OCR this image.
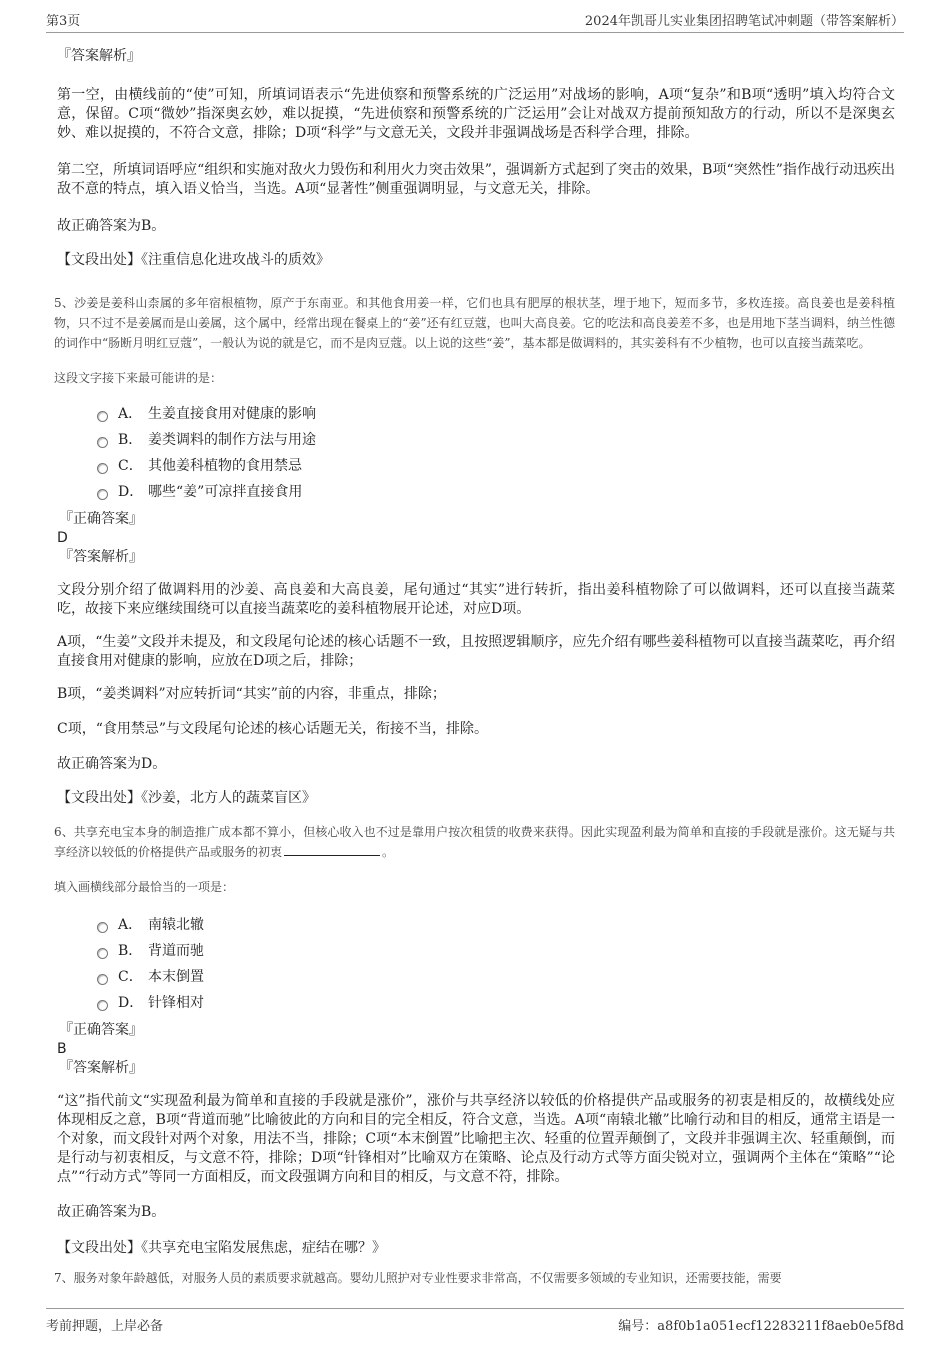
第3页	2024年凯哥儿实业集团招聘笔试冲刺题（带答案解析）

『答案解析』

第一空，由横线前的“使”可知，所填词语表示“先进侦察和预警系统的广泛运用”对战场的影响，A项“复杂”和B项“透明”填入均符合文意，保留。C项“微妙”指深奥玄妙，难以捉摸，“先进侦察和预警系统的广泛运用”会让对战双方提前预知敌方的行动，所以不是深奥玄妙、难以捉摸的，不符合文意，排除；D项“科学”与文意无关，文段并非强调战场是否科学合理，排除。

第二空，所填词语呼应“组织和实施对敌火力毁伤和利用火力突击效果”，强调新方式起到了突击的效果，B项“突然性”指作战行动迅疾出敌不意的特点，填入语义恰当，当选。A项“显著性”侧重强调明显，与文意无关，排除。

故正确答案为B。

【文段出处】《注重信息化进攻战斗的质效》

5、沙姜是姜科山柰属的多年宿根植物，原产于东南亚。和其他食用姜一样，它们也具有肥厚的根状茎，埋于地下，短而多节，多枚连接。高良姜也是姜科植物，只不过不是姜属而是山姜属，这个属中，经常出现在餐桌上的“姜”还有红豆蔻，也叫大高良姜。它的吃法和高良姜差不多，也是用地下茎当调料，纳兰性德的词作中“肠断月明红豆蔻”，一般认为说的就是它，而不是肉豆蔻。以上说的这些“姜”，基本都是做调料的，其实姜科有不少植物，也可以直接当蔬菜吃。

这段文字接下来最可能讲的是：

A． 生姜直接食用对健康的影响
B． 姜类调料的制作方法与用途
C． 其他姜科植物的食用禁忌
D． 哪些“姜”可凉拌直接食用

『正确答案』

D

『答案解析』

文段分别介绍了做调料用的沙姜、高良姜和大高良姜，尾句通过“其实”进行转折，指出姜科植物除了可以做调料，还可以直接当蔬菜吃，故接下来应继续围绕可以直接当蔬菜吃的姜科植物展开论述，对应D项。

A项，“生姜”文段并未提及，和文段尾句论述的核心话题不一致，且按照逻辑顺序，应先介绍有哪些姜科植物可以直接当蔬菜吃，再介绍直接食用对健康的影响，应放在D项之后，排除；

B项，“姜类调料”对应转折词“其实”前的内容，非重点，排除；

C项，“食用禁忌”与文段尾句论述的核心话题无关，衔接不当，排除。

故正确答案为D。

【文段出处】《沙姜，北方人的蔬菜盲区》

6、共享充电宝本身的制造推广成本都不算小，但核心收入也不过是靠用户按次租赁的收费来获得。因此实现盈利最为简单和直接的手段就是涨价。这无疑与共享经济以较低的价格提供产品或服务的初衷	。

填入画横线部分最恰当的一项是：

A． 南辕北辙
B． 背道而驰
C． 本末倒置
D． 针锋相对

『正确答案』

B

『答案解析』

“这”指代前文“实现盈利最为简单和直接的手段就是涨价”，涨价与共享经济以较低的价格提供产品或服务的初衷是相反的，故横线处应体现相反之意，B项“背道而驰”比喻彼此的方向和目的完全相反，符合文意，当选。A项“南辕北辙”比喻行动和目的相反，通常主语是一个对象，而文段针对两个对象，用法不当，排除；C项“本末倒置”比喻把主次、轻重的位置弄颠倒了，文段并非强调主次、轻重颠倒，而是行动与初衷相反，与文意不符，排除；D项“针锋相对”比喻双方在策略、论点及行动方式等方面尖锐对立，强调两个主体在“策略”“论点”“行动方式”等同一方面相反，而文段强调方向和目的相反，与文意不符，排除。

故正确答案为B。

【文段出处】《共享充电宝陷发展焦虑，症结在哪？》

7、服务对象年龄越低，对服务人员的素质要求就越高。婴幼儿照护对专业性要求非常高，不仅需要多领域的专业知识，还需要技能，需要

考前押题，上岸必备	编号：a8f0b1a051ecf12283211f8aeb0e5f8d
